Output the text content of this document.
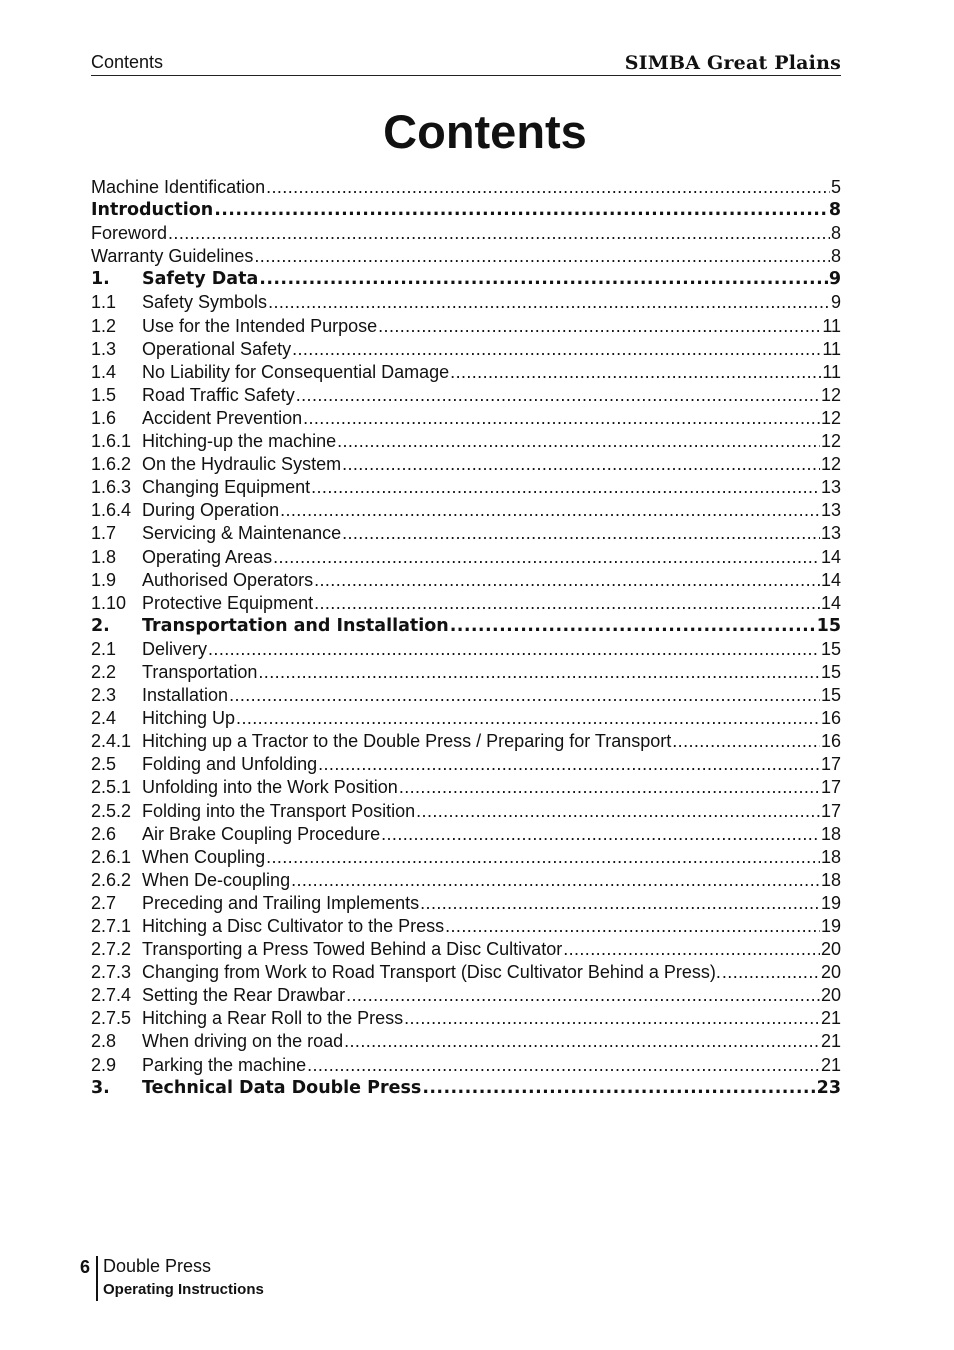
Contents	SIMBA Great Plains
Contents
Machine Identification .....	5
Introduction .....	8
Foreword .....	8
Warranty Guidelines .....	8
1.	Safety Data .....	9
1.1	Safety Symbols .....	9
1.2	Use for the Intended Purpose .....	11
1.3	Operational Safety .....	11
1.4	No Liability for Consequential Damage .....	11
1.5	Road Traffic Safety .....	12
1.6	Accident Prevention .....	12
1.6.1 Hitching-up the machine .....	12
1.6.2 On the Hydraulic System .....	12
1.6.3 Changing Equipment .....	13
1.6.4 During Operation .....	13
1.7	Servicing & Maintenance .....	13
1.8	Operating Areas .....	14
1.9	Authorised Operators .....	14
1.10 Protective Equipment .....	14
2.	Transportation and Installation .....	15
2.1	Delivery .....	15
2.2	Transportation .....	15
2.3	Installation .....	15
2.4	Hitching Up .....	16
2.4.1 Hitching up a Tractor to the Double Press / Preparing for Transport .....	16
2.5	Folding and Unfolding .....	17
2.5.1 Unfolding into the Work Position .....	17
2.5.2 Folding into the Transport Position .....	17
2.6	Air Brake Coupling Procedure .....	18
2.6.1 When Coupling .....	18
2.6.2 When De-coupling .....	18
2.7	Preceding and Trailing Implements .....	19
2.7.1 Hitching a Disc Cultivator to the Press .....	19
2.7.2 Transporting a Press Towed Behind a Disc Cultivator .....	20
2.7.3 Changing from Work to Road Transport (Disc Cultivator Behind a Press). .....	20
2.7.4 Setting the Rear Drawbar .....	20
2.7.5 Hitching a Rear Roll to the Press .....	21
2.8	When driving on the road .....	21
2.9	Parking the machine .....	21
3.	Technical Data Double Press .....	23
6 Double Press
Operating Instructions
